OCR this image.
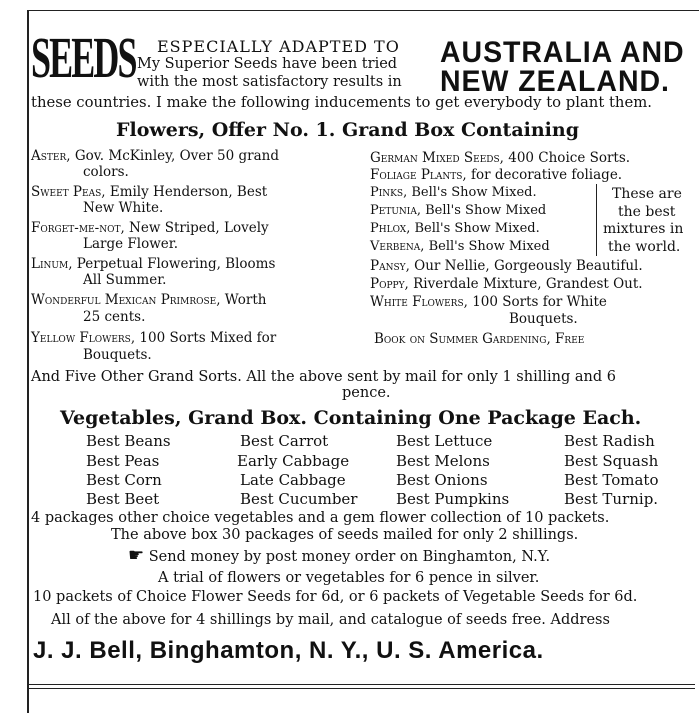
SEEDS ESPECIALLY ADAPTED TO
My Superior Seeds have been tried
with the most satisfactory results in
AUSTRALIA AND
NEW ZEALAND.
these countries. I make the following inducements to get everybody to plant them.
Flowers, Offer No. 1. Grand Box Containing
Aster, Gov. McKinley, Over 50 grand
colors.
Sweet Peas, Emily Henderson, Best
New White.
Forget-me-not, New Striped, Lovely
Large Flower.
Linum, Perpetual Flowering, Blooms
All Summer.
Wonderful Mexican Primrose, Worth
25 cents.
Yellow Flowers, 100 Sorts Mixed for
Bouquets.
German Mixed Seeds, 400 Choice Sorts.
Foliage Plants, for decorative foliage.
Pinks, Bell's Show Mixed.
Petunia, Bell's Show Mixed
Phlox, Bell's Show Mixed.
Verbena, Bell's Show Mixed
These are
the best
mixtures in
the world.
Pansy, Our Nellie, Gorgeously Beautiful.
Poppy, Riverdale Mixture, Grandest Out.
White Flowers, 100 Sorts for White
Bouquets.
Book on Summer Gardening, Free
And Five Other Grand Sorts. All the above sent by mail for only 1 shilling and 6
pence.
Vegetables, Grand Box. Containing One Package Each.
Best Beans	Best Carrot	Best Lettuce	Best Radish
Best Peas	Early Cabbage	Best Melons	Best Squash
Best Corn	Late Cabbage	Best Onions	Best Tomato
Best Beet	Best Cucumber	Best Pumpkins	Best Turnip.
4 packages other choice vegetables and a gem flower collection of 10 packets.
The above box 30 packages of seeds mailed for only 2 shillings.
☛ Send money by post money order on Binghamton, N.Y.
A trial of flowers or vegetables for 6 pence in silver.
10 packets of Choice Flower Seeds for 6d, or 6 packets of Vegetable Seeds for 6d.
All of the above for 4 shillings by mail, and catalogue of seeds free. Address
J. J. Bell, Binghamton, N. Y., U. S. America.
